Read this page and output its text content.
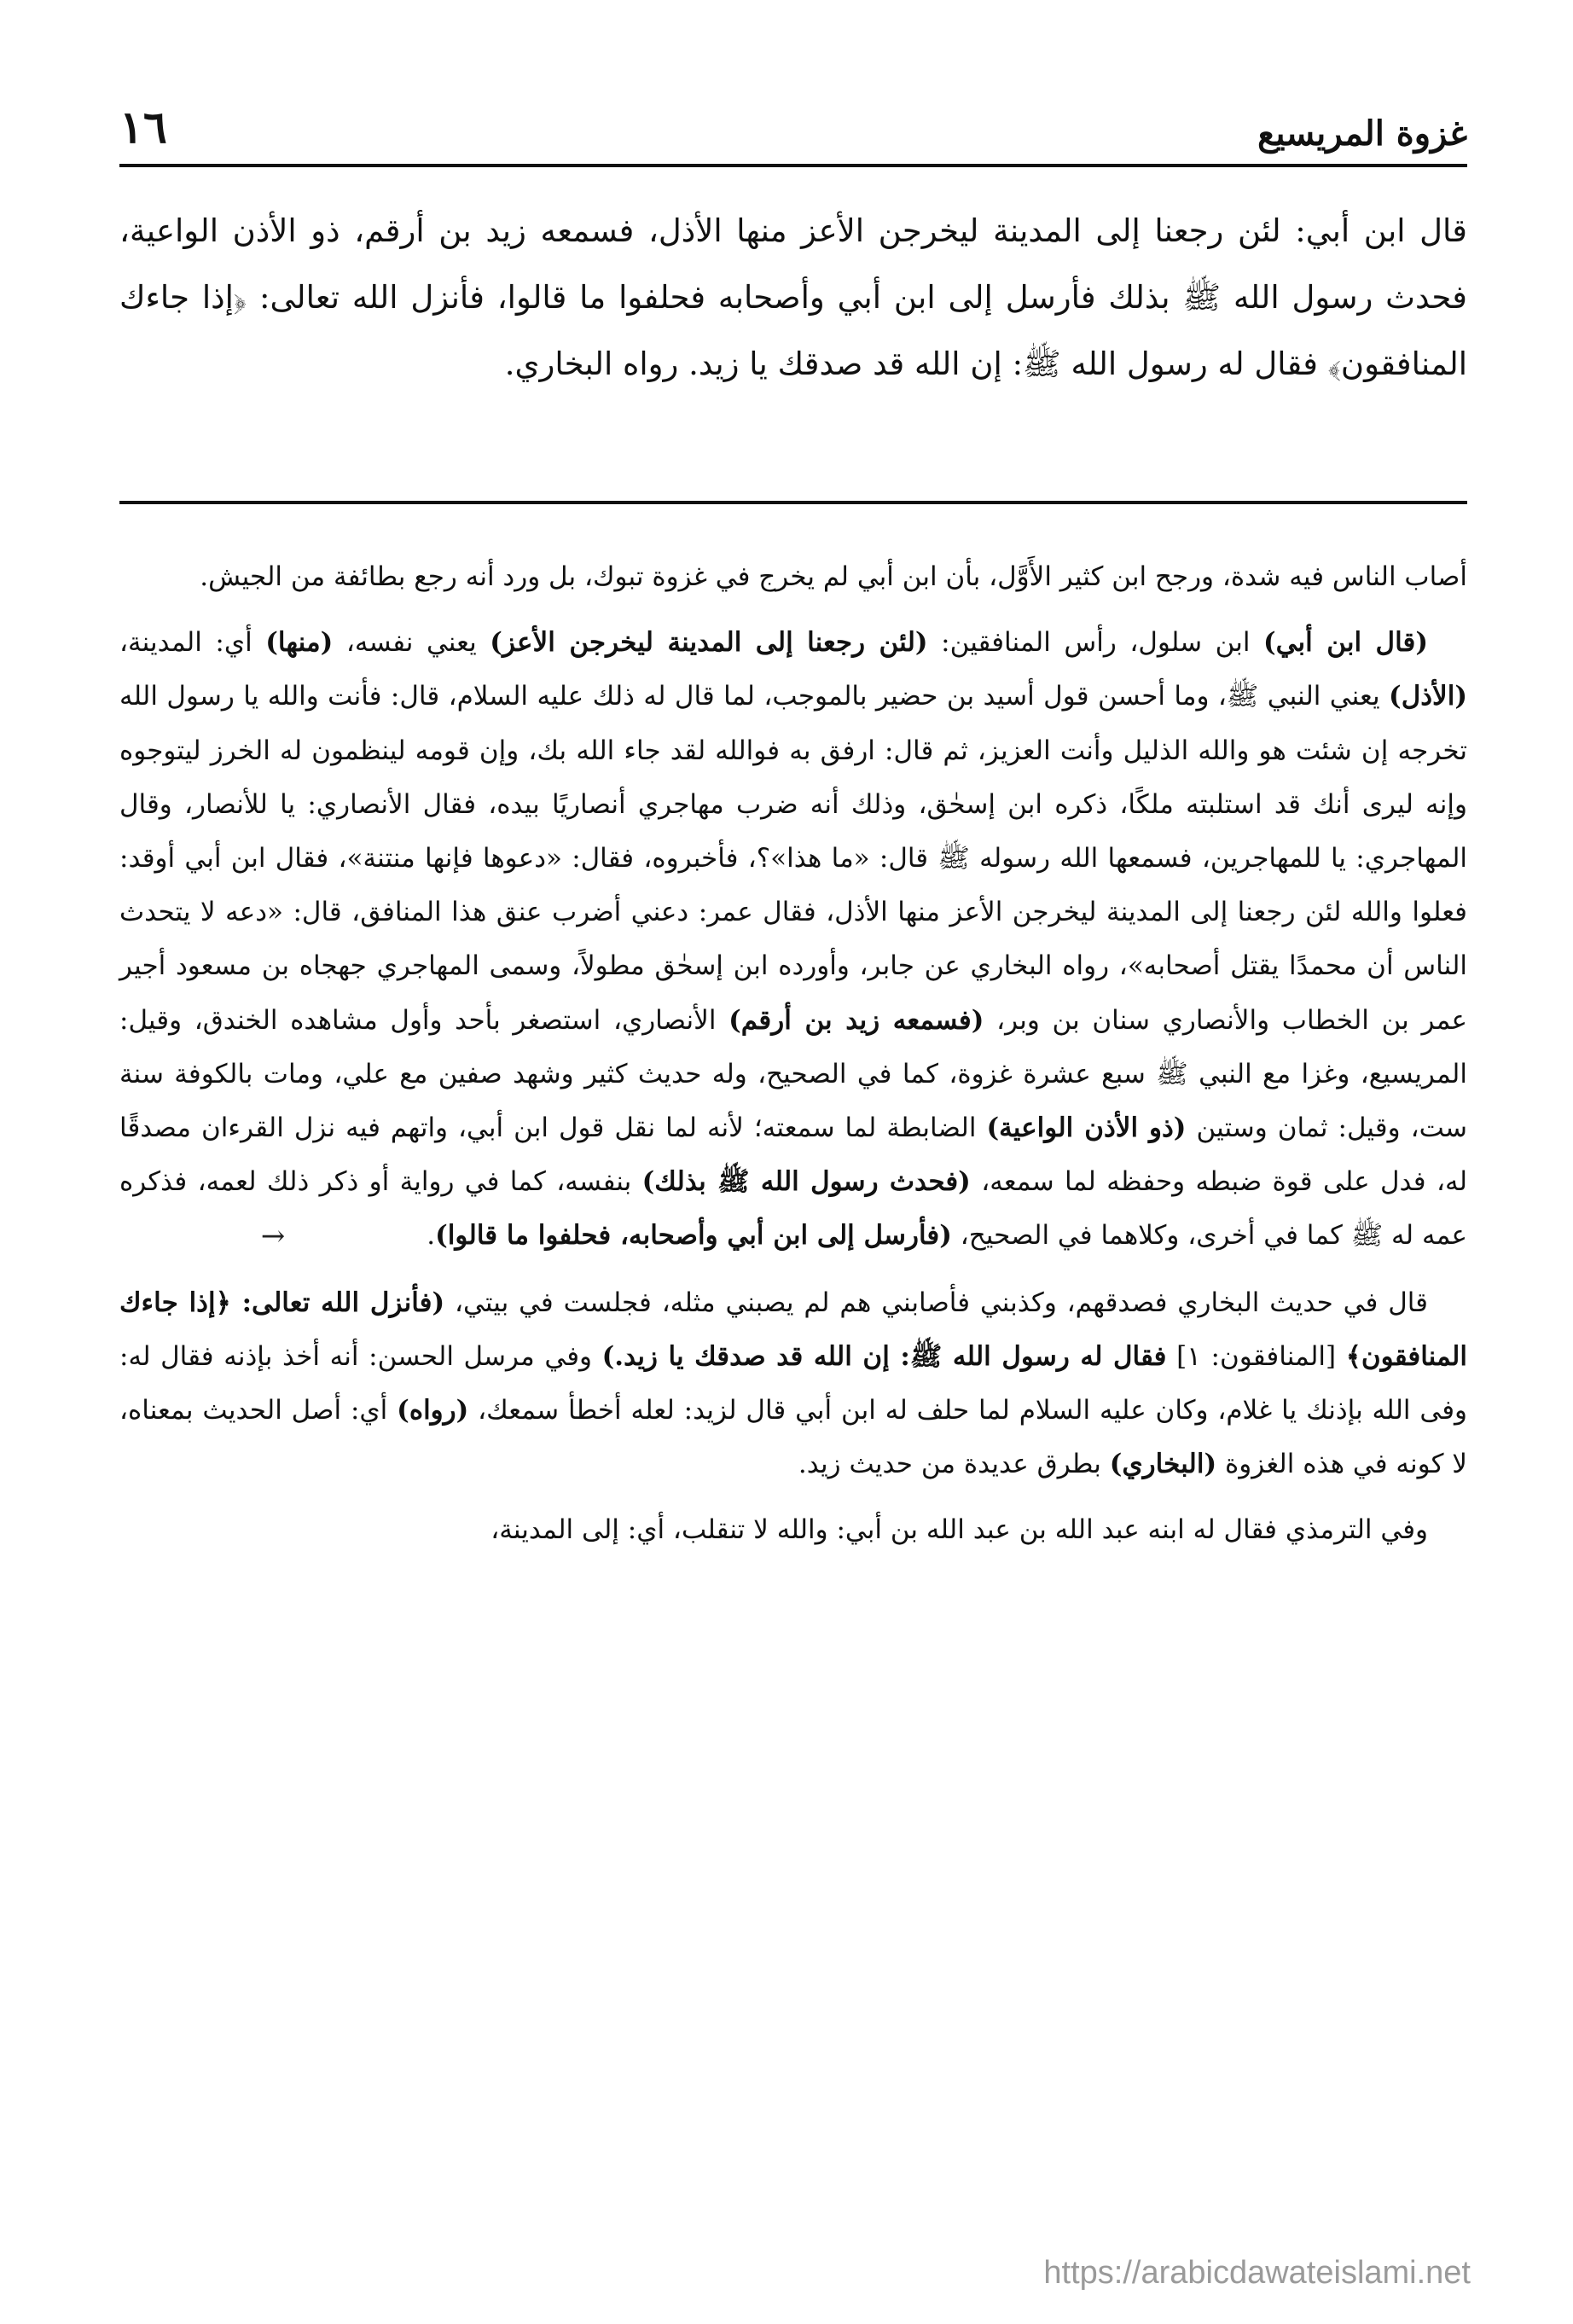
غزوة المريسيع
١٦

قال ابن أبي: لئن رجعنا إلى المدينة ليخرجن الأعز منها الأذل، فسمعه زيد بن أرقم، ذو الأذن الواعية، فحدث رسول الله ﷺ بذلك فأرسل إلى ابن أبي وأصحابه فحلفوا ما قالوا، فأنزل الله تعالى: ﴿إذا جاءك المنافقون﴾ فقال له رسول الله ﷺ: إن الله قد صدقك يا زيد. رواه البخاري.

أصاب الناس فيه شدة، ورجح ابن كثير الأَوَّل، بأن ابن أبي لم يخرج في غزوة تبوك، بل ورد أنه رجع بطائفة من الجيش.

(قال ابن أبي) ابن سلول، رأس المنافقين: (لئن رجعنا إلى المدينة ليخرجن الأعز) يعني نفسه، (منها) أي: المدينة، (الأذل) يعني النبي ﷺ، وما أحسن قول أسيد بن حضير بالموجب، لما قال له ذلك عليه السلام، قال: فأنت والله يا رسول الله تخرجه إن شئت هو والله الذليل وأنت العزيز، ثم قال: ارفق به فوالله لقد جاء الله بك، وإن قومه لينظمون له الخرز ليتوجوه وإنه ليرى أنك قد استلبته ملكًا، ذكره ابن إسحٰق، وذلك أنه ضرب مهاجري أنصاريًا بيده، فقال الأنصاري: يا للأنصار، وقال المهاجري: يا للمهاجرين، فسمعها الله رسوله ﷺ قال: «ما هذا»؟، فأخبروه، فقال: «دعوها فإنها منتنة»، فقال ابن أبي أوقد: فعلوا والله لئن رجعنا إلى المدينة ليخرجن الأعز منها الأذل، فقال عمر: دعني أضرب عنق هذا المنافق، قال: «دعه لا يتحدث الناس أن محمدًا يقتل أصحابه»، رواه البخاري عن جابر، وأورده ابن إسحٰق مطولاً، وسمى المهاجري جهجاه بن مسعود أجير عمر بن الخطاب والأنصاري سنان بن وبر، (فسمعه زيد بن أرقم) الأنصاري، استصغر بأحد وأول مشاهده الخندق، وقيل: المريسيع، وغزا مع النبي ﷺ سبع عشرة غزوة، كما في الصحيح، وله حديث كثير وشهد صفين مع علي، ومات بالكوفة سنة ست، وقيل: ثمان وستين (ذو الأذن الواعية) الضابطة لما سمعته؛ لأنه لما نقل قول ابن أبي، واتهم فيه نزل القرءان مصدقًا له، فدل على قوة ضبطه وحفظه لما سمعه، (فحدث رسول الله ﷺ بذلك) بنفسه، كما في رواية أو ذكر ذلك لعمه، فذكره عمه له ﷺ كما في أخرى، وكلاهما في الصحيح، (فأرسل إلى ابن أبي وأصحابه، فحلفوا ما قالوا).→

قال في حديث البخاري فصدقهم، وكذبني فأصابني هم لم يصبني مثله، فجلست في بيتي، (فأنزل الله تعالى: ﴿إذا جاءك المنافقون﴾ [المنافقون: ١] فقال له رسول الله ﷺ: إن الله قد صدقك يا زيد.) وفي مرسل الحسن: أنه أخذ بإذنه فقال له: وفى الله بإذنك يا غلام، وكان عليه السلام لما حلف له ابن أبي قال لزيد: لعله أخطأ سمعك، (رواه) أي: أصل الحديث بمعناه، لا كونه في هذه الغزوة (البخاري) بطرق عديدة من حديث زيد.

وفي الترمذي فقال له ابنه عبد الله بن عبد الله بن أبي: والله لا تنقلب، أي: إلى المدينة،

https://arabicdawateislami.net
